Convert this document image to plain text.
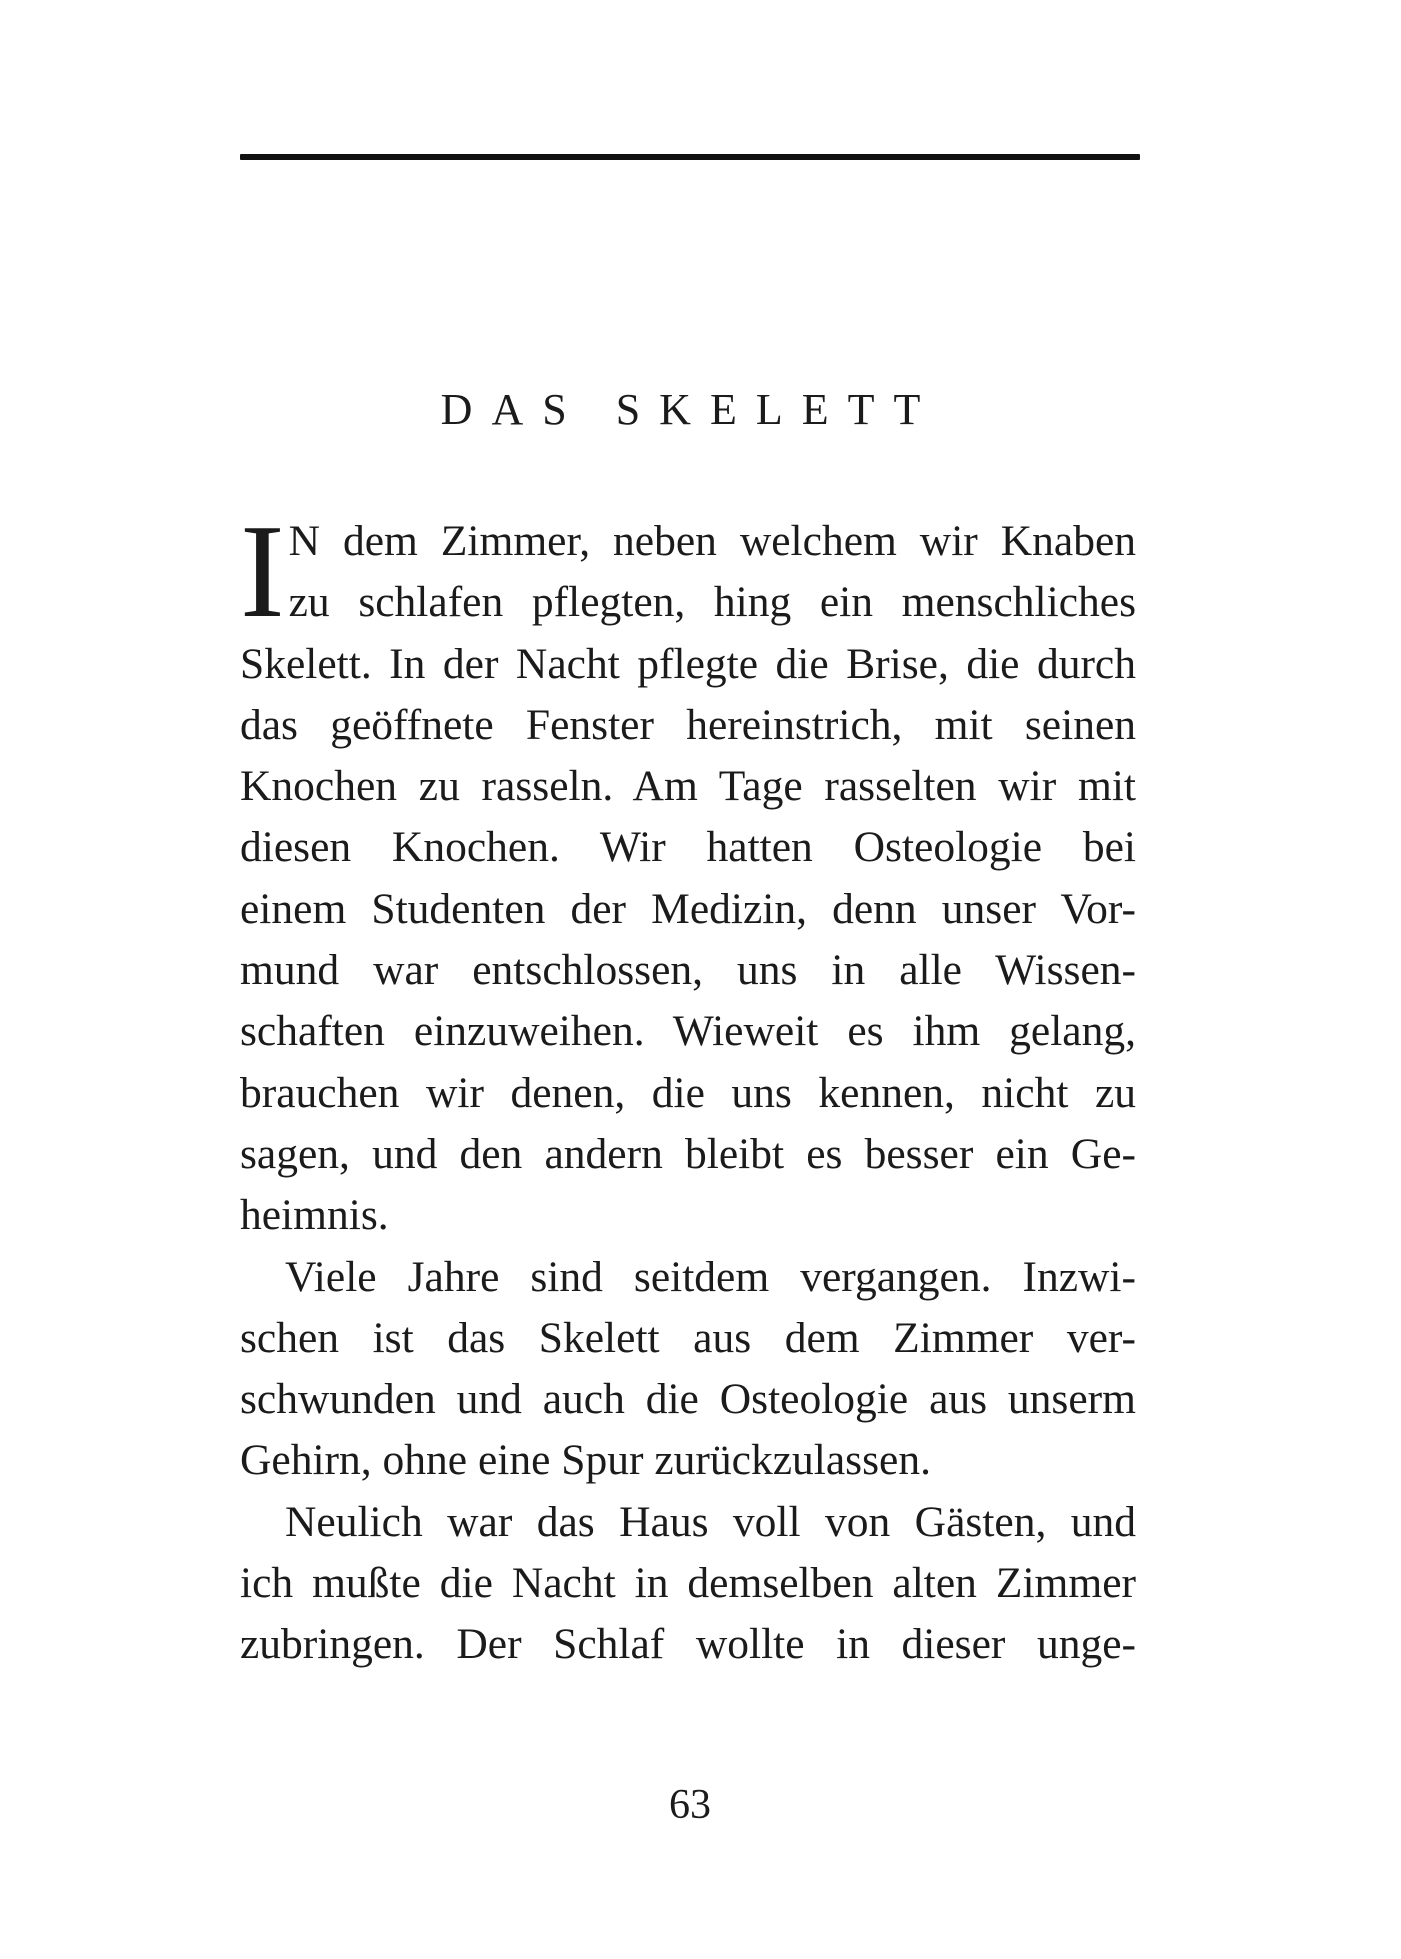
DAS SKELETT
I N dem Zimmer, neben welchem wir Knaben
zu schlafen pflegten, hing ein menschliches
Skelett. In der Nacht pflegte die Brise, die durch
das geöffnete Fenster hereinstrich, mit seinen
Knochen zu rasseln. Am Tage rasselten wir mit
diesen Knochen. Wir hatten Osteologie bei
einem Studenten der Medizin, denn unser Vor-
mund war entschlossen, uns in alle Wissen-
schaften einzuweihen. Wieweit es ihm gelang,
brauchen wir denen, die uns kennen, nicht zu
sagen, und den andern bleibt es besser ein Ge-
heimnis.
Viele Jahre sind seitdem vergangen. Inzwi-
schen ist das Skelett aus dem Zimmer ver-
schwunden und auch die Osteologie aus unserm
Gehirn, ohne eine Spur zurückzulassen.
Neulich war das Haus voll von Gästen, und
ich mußte die Nacht in demselben alten Zimmer
zubringen. Der Schlaf wollte in dieser unge-
63
